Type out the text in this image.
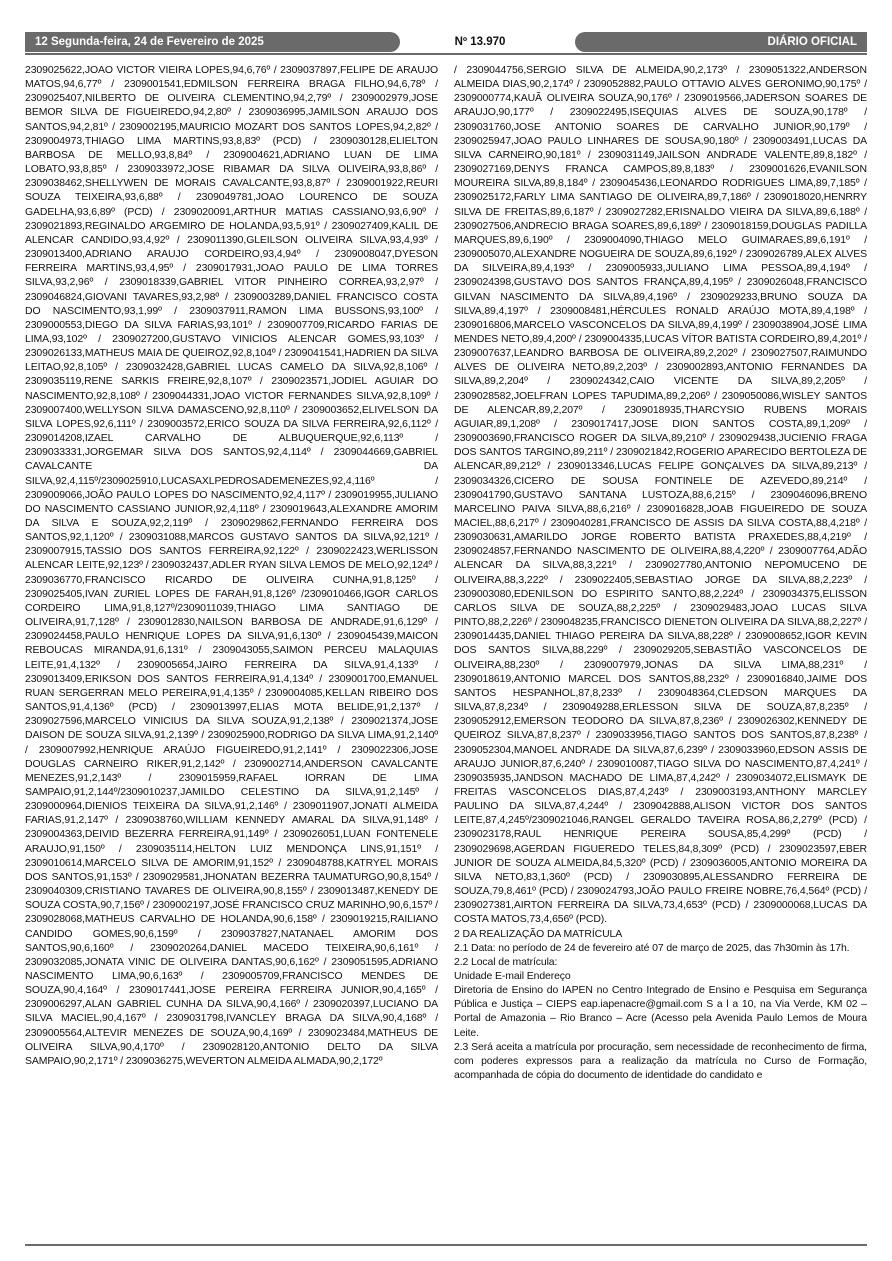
12 Segunda-feira, 24 de Fevereiro de 2025	Nº 13.970	DIÁRIO OFICIAL

2309025622,JOAO VICTOR VIEIRA LOPES,94,6,76º / 2309037897,FELIPE DE ARAUJO MATOS,94,6,77º / 2309001541,EDMILSON FERREIRA BRAGA FILHO,94,6,78º / 2309025407,NILBERTO DE OLIVEIRA CLEMENTINO,94,2,79º / 2309002979,JOSE BEMOR SILVA DE FIGUEIREDO,94,2,80º / 2309036995,JAMILSON ARAUJO DOS SANTOS,94,2,81º / 2309002195,MAURICIO MOZART DOS SANTOS LOPES,94,2,82º / 2309004973,THIAGO LIMA MARTINS,93,8,83º (PCD) / 2309030128,ELIELTON BARBOSA DE MELLO,93,8,84º / 2309004621,ADRIANO LUAN DE LIMA LOBATO,93,8,85º / 2309033972,JOSE RIBAMAR DA SILVA OLIVEIRA,93,8,86º / 2309038462,SHELLYWEN DE MORAIS CAVALCANTE,93,8,87º / 2309001922,REURI SOUZA TEIXEIRA,93,6,88º / 2309049781,JOAO LOURENCO DE SOUZA GADELHA,93,6,89º (PCD) / 2309020091,ARTHUR MATIAS CASSIANO,93,6,90º / 2309021893,REGINALDO ARGEMIRO DE HOLANDA,93,5,91º / 2309027409,KALIL DE ALENCAR CANDIDO,93,4,92º / 2309011390,GLEILSON OLIVEIRA SILVA,93,4,93º / 2309013400,ADRIANO ARAUJO CORDEIRO,93,4,94º / 2309008047,DYESON FERREIRA MARTINS,93,4,95º / 2309017931,JOAO PAULO DE LIMA TORRES SILVA,93,2,96º / 2309018339,GABRIEL VITOR PINHEIRO CORREA,93,2,97º / 2309046824,GIOVANI TAVARES,93,2,98º / 2309003289,DANIEL FRANCISCO COSTA DO NASCIMENTO,93,1,99º / 2309037911,RAMON LIMA BUSSONS,93,100º / 2309000553,DIEGO DA SILVA FARIAS,93,101º / 2309007709,RICARDO FARIAS DE LIMA,93,102º / 2309027200,GUSTAVO VINICIOS ALENCAR GOMES,93,103º / 2309026133,MATHEUS MAIA DE QUEIROZ,92,8,104º / 2309041541,HADRIEN DA SILVA LEITAO,92,8,105º / 2309032428,GABRIEL LUCAS CAMELO DA SILVA,92,8,106º / 2309035119,RENE SARKIS FREIRE,92,8,107º / 2309023571,JODIEL AGUIAR DO NASCIMENTO,92,8,108º / 2309044331,JOAO VICTOR FERNANDES SILVA,92,8,109º / 2309007400,WELLYSON SILVA DAMASCENO,92,8,110º / 2309003652,ELIVELSON DA SILVA LOPES,92,6,111º / 2309003572,ERICO SOUZA DA SILVA FERREIRA,92,6,112º / 2309014208,IZAEL CARVALHO DE ALBUQUERQUE,92,6,113º / 2309033331,JORGEMAR SILVA DOS SANTOS,92,4,114º / 2309044669,GABRIEL CAVALCANTE DA SILVA,92,4,115º/2309025910,LUCASAXLPEDROSADEMENEZES,92,4,116º / 2309009066,JOÃO PAULO LOPES DO NASCIMENTO,92,4,117º / 2309019955,JULIANO DO NASCIMENTO CASSIANO JUNIOR,92,4,118º / 2309019643,ALEXANDRE AMORIM DA SILVA E SOUZA,92,2,119º / 2309029862,FERNANDO FERREIRA DOS SANTOS,92,1,120º / 2309031088,MARCOS GUSTAVO SANTOS DA SILVA,92,121º / 2309007915,TASSIO DOS SANTOS FERREIRA,92,122º / 2309022423,WERLISSON ALENCAR LEITE,92,123º / 2309032437,ADLER RYAN SILVA LEMOS DE MELO,92,124º / 2309036770,FRANCISCO RICARDO DE OLIVEIRA CUNHA,91,8,125º / 2309025405,IVAN ZURIEL LOPES DE FARAH,91,8,126º /2309010466,IGOR CARLOS CORDEIRO LIMA,91,8,127º/2309011039,THIAGO LIMA SANTIAGO DE OLIVEIRA,91,7,128º / 2309012830,NAILSON BARBOSA DE ANDRADE,91,6,129º / 2309024458,PAULO HENRIQUE LOPES DA SILVA,91,6,130º / 2309045439,MAICON REBOUCAS MIRANDA,91,6,131º / 2309043055,SAIMON PERCEU MALAQUIAS LEITE,91,4,132º / 2309005654,JAIRO FERREIRA DA SILVA,91,4,133º / 2309013409,ERIKSON DOS SANTOS FERREIRA,91,4,134º / 2309001700,EMANUEL RUAN SERGERRAN MELO PEREIRA,91,4,135º / 2309004085,KELLAN RIBEIRO DOS SANTOS,91,4,136º (PCD) / 2309013997,ELIAS MOTA BELIDE,91,2,137º / 2309027596,MARCELO VINICIUS DA SILVA SOUZA,91,2,138º / 2309021374,JOSE DAISON DE SOUZA SILVA,91,2,139º / 2309025900,RODRIGO DA SILVA LIMA,91,2,140º / 2309007992,HENRIQUE ARAÚJO FIGUEIREDO,91,2,141º / 2309022306,JOSE DOUGLAS CARNEIRO RIKER,91,2,142º / 2309002714,ANDERSON CAVALCANTE MENEZES,91,2,143º / 2309015959,RAFAEL IORRAN DE LIMA SAMPAIO,91,2,144º/2309010237,JAMILDO CELESTINO DA SILVA,91,2,145º / 2309000964,DIENIOS TEIXEIRA DA SILVA,91,2,146º / 2309011907,JONATI ALMEIDA FARIAS,91,2,147º / 2309038760,WILLIAM KENNEDY AMARAL DA SILVA,91,148º / 2309004363,DEIVID BEZERRA FERREIRA,91,149º / 2309026051,LUAN FONTENELE ARAUJO,91,150º / 2309035114,HELTON LUIZ MENDONÇA LINS,91,151º / 2309010614,MARCELO SILVA DE AMORIM,91,152º / 2309048788,KATRYEL MORAIS DOS SANTOS,91,153º / 2309029581,JHONATAN BEZERRA TAUMATURGO,90,8,154º / 2309040309,CRISTIANO TAVARES DE OLIVEIRA,90,8,155º / 2309013487,KENEDY DE SOUZA COSTA,90,7,156º / 2309002197,JOSÉ FRANCISCO CRUZ MARINHO,90,6,157º / 2309028068,MATHEUS CARVALHO DE HOLANDA,90,6,158º / 2309019215,RAILIANO CANDIDO GOMES,90,6,159º / 2309037827,NATANAEL AMORIM DOS SANTOS,90,6,160º / 2309020264,DANIEL MACEDO TEIXEIRA,90,6,161º / 2309032085,JONATA VINIC DE OLIVEIRA DANTAS,90,6,162º / 2309051595,ADRIANO NASCIMENTO LIMA,90,6,163º / 2309005709,FRANCISCO MENDES DE SOUZA,90,4,164º / 2309017441,JOSE PEREIRA FERREIRA JUNIOR,90,4,165º / 2309006297,ALAN GABRIEL CUNHA DA SILVA,90,4,166º / 2309020397,LUCIANO DA SILVA MACIEL,90,4,167º / 2309031798,IVANCLEY BRAGA DA SILVA,90,4,168º / 2309005564,ALTEVIR MENEZES DE SOUZA,90,4,169º / 2309023484,MATHEUS DE OLIVEIRA SILVA,90,4,170º / 2309028120,ANTONIO DELTO DA SILVA SAMPAIO,90,2,171º / 2309036275,WEVERTON ALMEIDA ALMADA,90,2,172º

/ 2309044756,SERGIO SILVA DE ALMEIDA,90,2,173º / 2309051322,ANDERSON ALMEIDA DIAS,90,2,174º / 2309052882,PAULO OTTAVIO ALVES GERONIMO,90,175º / 2309000774,KAUÃ OLIVEIRA SOUZA,90,176º / 2309019566,JADERSON SOARES DE ARAUJO,90,177º / 2309022495,ISEQUIAS ALVES DE SOUZA,90,178º / 2309031760,JOSE ANTONIO SOARES DE CARVALHO JUNIOR,90,179º / 2309025947,JOAO PAULO LINHARES DE SOUSA,90,180º / 2309003491,LUCAS DA SILVA CARNEIRO,90,181º / 2309031149,JAILSON ANDRADE VALENTE,89,8,182º / 2309027169,DENYS FRANCA CAMPOS,89,8,183º / 2309001626,EVANILSON MOUREIRA SILVA,89,8,184º / 2309045436,LEONARDO RODRIGUES LIMA,89,7,185º / 2309025172,FARLY LIMA SANTIAGO DE OLIVEIRA,89,7,186º / 2309018020,HENRRY SILVA DE FREITAS,89,6,187º / 2309027282,ERISNALDO VIEIRA DA SILVA,89,6,188º / 2309027506,ANDRECIO BRAGA SOARES,89,6,189º / 2309018159,DOUGLAS PADILLA MARQUES,89,6,190º / 2309004090,THIAGO MELO GUIMARAES,89,6,191º / 2309005070,ALEXANDRE NOGUEIRA DE SOUZA,89,6,192º / 2309026789,ALEX ALVES DA SILVEIRA,89,4,193º / 2309005933,JULIANO LIMA PESSOA,89,4,194º / 2309024398,GUSTAVO DOS SANTOS FRANÇA,89,4,195º / 2309026048,FRANCISCO GILVAN NASCIMENTO DA SILVA,89,4,196º / 2309029233,BRUNO SOUZA DA SILVA,89,4,197º / 2309008481,HÉRCULES RONALD ARAÚJO MOTA,89,4,198º / 2309016806,MARCELO VASCONCELOS DA SILVA,89,4,199º / 2309038904,JOSÉ LIMA MENDES NETO,89,4,200º / 2309004335,LUCAS VÍTOR BATISTA CORDEIRO,89,4,201º / 2309007637,LEANDRO BARBOSA DE OLIVEIRA,89,2,202º / 2309027507,RAIMUNDO ALVES DE OLIVEIRA NETO,89,2,203º / 2309002893,ANTONIO FERNANDES DA SILVA,89,2,204º / 2309024342,CAIO VICENTE DA SILVA,89,2,205º / 2309028582,JOELFRAN LOPES TAPUDIMA,89,2,206º / 2309050086,WISLEY SANTOS DE ALENCAR,89,2,207º / 2309018935,THARCYSIO RUBENS MORAIS AGUIAR,89,1,208º / 2309017417,JOSE DION SANTOS COSTA,89,1,209º / 2309003690,FRANCISCO ROGER DA SILVA,89,210º / 2309029438,JUCIENIO FRAGA DOS SANTOS TARGINO,89,211º / 2309021842,ROGERIO APARECIDO BERTOLEZA DE ALENCAR,89,212º / 2309013346,LUCAS FELIPE GONÇALVES DA SILVA,89,213º / 2309034326,CICERO DE SOUSA FONTINELE DE AZEVEDO,89,214º / 2309041790,GUSTAVO SANTANA LUSTOZA,88,6,215º / 2309046096,BRENO MARCELINO PAIVA SILVA,88,6,216º / 2309016828,JOAB FIGUEIREDO DE SOUZA MACIEL,88,6,217º / 2309040281,FRANCISCO DE ASSIS DA SILVA COSTA,88,4,218º / 2309030631,AMARILDO JORGE ROBERTO BATISTA PRAXEDES,88,4,219º / 2309024857,FERNANDO NASCIMENTO DE OLIVEIRA,88,4,220º / 2309007764,ADÃO ALENCAR DA SILVA,88,3,221º / 2309027780,ANTONIO NEPOMUCENO DE OLIVEIRA,88,3,222º / 2309022405,SEBASTIAO JORGE DA SILVA,88,2,223º / 2309003080,EDENILSON DO ESPIRITO SANTO,88,2,224º / 2309034375,ELISSON CARLOS SILVA DE SOUZA,88,2,225º / 2309029483,JOAO LUCAS SILVA PINTO,88,2,226º / 2309048235,FRANCISCO DIENETON OLIVEIRA DA SILVA,88,2,227º / 2309014435,DANIEL THIAGO PEREIRA DA SILVA,88,228º / 2309008652,IGOR KEVIN DOS SANTOS SILVA,88,229º / 2309029205,SEBASTIÃO VASCONCELOS DE OLIVEIRA,88,230º / 2309007979,JONAS DA SILVA LIMA,88,231º / 2309018619,ANTONIO MARCEL DOS SANTOS,88,232º / 2309016840,JAIME DOS SANTOS HESPANHOL,87,8,233º / 2309048364,CLEDSON MARQUES DA SILVA,87,8,234º / 2309049288,ERLESSON SILVA DE SOUZA,87,8,235º / 2309052912,EMERSON TEODORO DA SILVA,87,8,236º / 2309026302,KENNEDY DE QUEIROZ SILVA,87,8,237º / 2309033956,TIAGO SANTOS DOS SANTOS,87,8,238º / 2309052304,MANOEL ANDRADE DA SILVA,87,6,239º / 2309033960,EDSON ASSIS DE ARAUJO JUNIOR,87,6,240º / 2309010087,TIAGO SILVA DO NASCIMENTO,87,4,241º / 2309035935,JANDSON MACHADO DE LIMA,87,4,242º / 2309034072,ELISMAYK DE FREITAS VASCONCELOS DIAS,87,4,243º / 2309003193,ANTHONY MARCLEY PAULINO DA SILVA,87,4,244º / 2309042888,ALISON VICTOR DOS SANTOS LEITE,87,4,245º/2309021046,RANGEL GERALDO TAVEIRA ROSA,86,2,279º (PCD) / 2309023178,RAUL HENRIQUE PEREIRA SOUSA,85,4,299º (PCD) / 2309029698,AGERDAN FIGUEREDO TELES,84,8,309º (PCD) / 2309023597,EBER JUNIOR DE SOUZA ALMEIDA,84,5,320º (PCD) / 2309036005,ANTONIO MOREIRA DA SILVA NETO,83,1,360º (PCD) / 2309030895,ALESSANDRO FERREIRA DE SOUZA,79,8,461º (PCD) / 2309024793,JOÃO PAULO FREIRE NOBRE,76,4,564º (PCD) / 2309027381,AIRTON FERREIRA DA SILVA,73,4,653º (PCD) / 2309000068,LUCAS DA COSTA MATOS,73,4,656º (PCD).

2 DA REALIZAÇÃO DA MATRÍCULA

2.1 Data: no período de 24 de fevereiro até 07 de março de 2025, das 7h30min às 17h.

2.2 Local de matrícula:

Unidade E-mail Endereço

Diretoria de Ensino do IAPEN no Centro Integrado de Ensino e Pesquisa em Segurança Pública e Justiça – CIEPS eap.iapenacre@gmail.com S a l a 10, na Via Verde, KM 02 – Portal de Amazonia – Rio Branco – Acre (Acesso pela Avenida Paulo Lemos de Moura Leite.

2.3 Será aceita a matrícula por procuração, sem necessidade de reconhecimento de firma, com poderes expressos para a realização da matrícula no Curso de Formação, acompanhada de cópia do documento de identidade do candidato e
